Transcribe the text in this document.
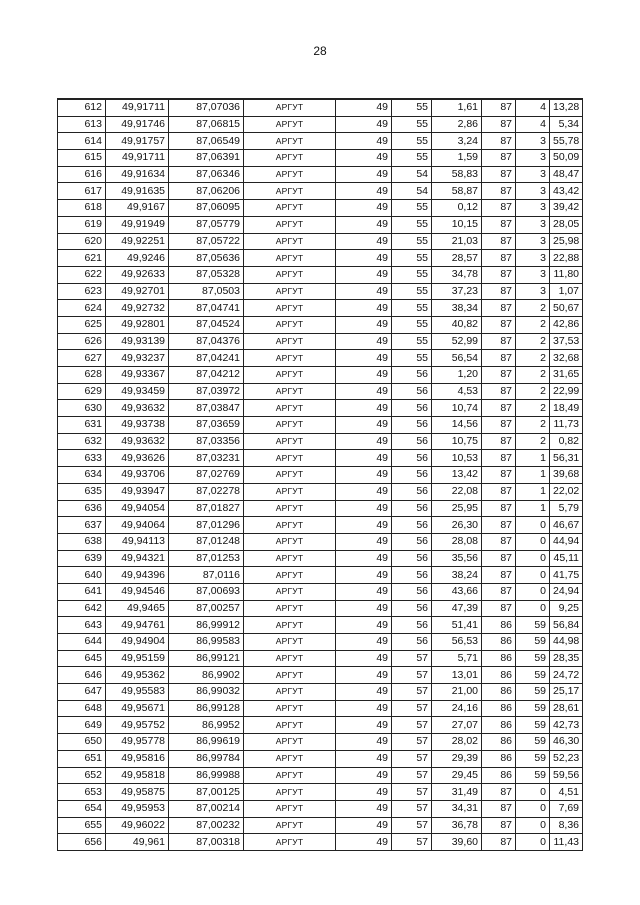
28
612	49,91711	87,07036	АРГУТ	49	55	1,61	87	4	13,28
613	49,91746	87,06815	АРГУТ	49	55	2,86	87	4	5,34
614	49,91757	87,06549	АРГУТ	49	55	3,24	87	3	55,78
615	49,91711	87,06391	АРГУТ	49	55	1,59	87	3	50,09
616	49,91634	87,06346	АРГУТ	49	54	58,83	87	3	48,47
617	49,91635	87,06206	АРГУТ	49	54	58,87	87	3	43,42
618	49,9167	87,06095	АРГУТ	49	55	0,12	87	3	39,42
619	49,91949	87,05779	АРГУТ	49	55	10,15	87	3	28,05
620	49,92251	87,05722	АРГУТ	49	55	21,03	87	3	25,98
621	49,9246	87,05636	АРГУТ	49	55	28,57	87	3	22,88
622	49,92633	87,05328	АРГУТ	49	55	34,78	87	3	11,80
623	49,92701	87,0503	АРГУТ	49	55	37,23	87	3	1,07
624	49,92732	87,04741	АРГУТ	49	55	38,34	87	2	50,67
625	49,92801	87,04524	АРГУТ	49	55	40,82	87	2	42,86
626	49,93139	87,04376	АРГУТ	49	55	52,99	87	2	37,53
627	49,93237	87,04241	АРГУТ	49	55	56,54	87	2	32,68
628	49,93367	87,04212	АРГУТ	49	56	1,20	87	2	31,65
629	49,93459	87,03972	АРГУТ	49	56	4,53	87	2	22,99
630	49,93632	87,03847	АРГУТ	49	56	10,74	87	2	18,49
631	49,93738	87,03659	АРГУТ	49	56	14,56	87	2	11,73
632	49,93632	87,03356	АРГУТ	49	56	10,75	87	2	0,82
633	49,93626	87,03231	АРГУТ	49	56	10,53	87	1	56,31
634	49,93706	87,02769	АРГУТ	49	56	13,42	87	1	39,68
635	49,93947	87,02278	АРГУТ	49	56	22,08	87	1	22,02
636	49,94054	87,01827	АРГУТ	49	56	25,95	87	1	5,79
637	49,94064	87,01296	АРГУТ	49	56	26,30	87	0	46,67
638	49,94113	87,01248	АРГУТ	49	56	28,08	87	0	44,94
639	49,94321	87,01253	АРГУТ	49	56	35,56	87	0	45,11
640	49,94396	87,0116	АРГУТ	49	56	38,24	87	0	41,75
641	49,94546	87,00693	АРГУТ	49	56	43,66	87	0	24,94
642	49,9465	87,00257	АРГУТ	49	56	47,39	87	0	9,25
643	49,94761	86,99912	АРГУТ	49	56	51,41	86	59	56,84
644	49,94904	86,99583	АРГУТ	49	56	56,53	86	59	44,98
645	49,95159	86,99121	АРГУТ	49	57	5,71	86	59	28,35
646	49,95362	86,9902	АРГУТ	49	57	13,01	86	59	24,72
647	49,95583	86,99032	АРГУТ	49	57	21,00	86	59	25,17
648	49,95671	86,99128	АРГУТ	49	57	24,16	86	59	28,61
649	49,95752	86,9952	АРГУТ	49	57	27,07	86	59	42,73
650	49,95778	86,99619	АРГУТ	49	57	28,02	86	59	46,30
651	49,95816	86,99784	АРГУТ	49	57	29,39	86	59	52,23
652	49,95818	86,99988	АРГУТ	49	57	29,45	86	59	59,56
653	49,95875	87,00125	АРГУТ	49	57	31,49	87	0	4,51
654	49,95953	87,00214	АРГУТ	49	57	34,31	87	0	7,69
655	49,96022	87,00232	АРГУТ	49	57	36,78	87	0	8,36
656	49,961	87,00318	АРГУТ	49	57	39,60	87	0	11,43
